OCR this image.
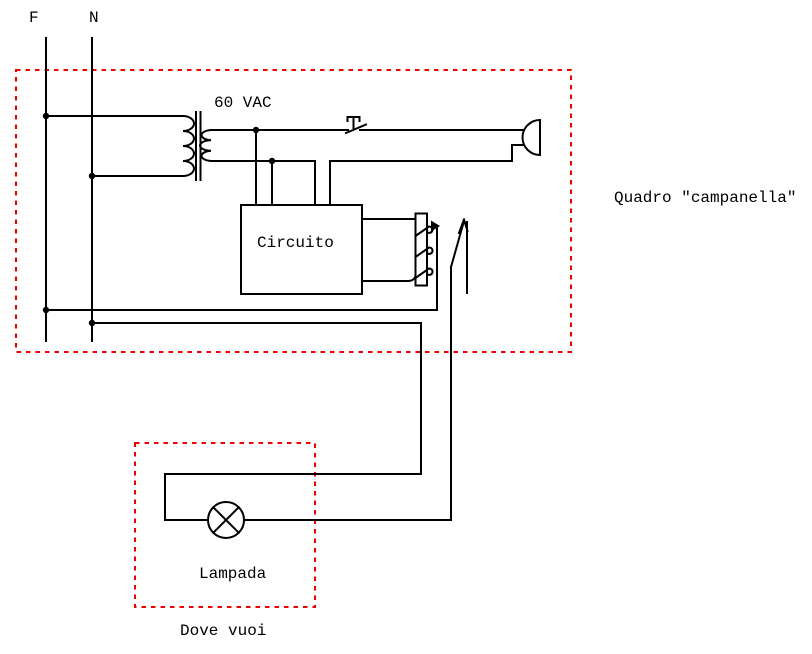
F	N
60 VAC
Circuito
Quadro "campanella"
Lampada
Dove vuoi
